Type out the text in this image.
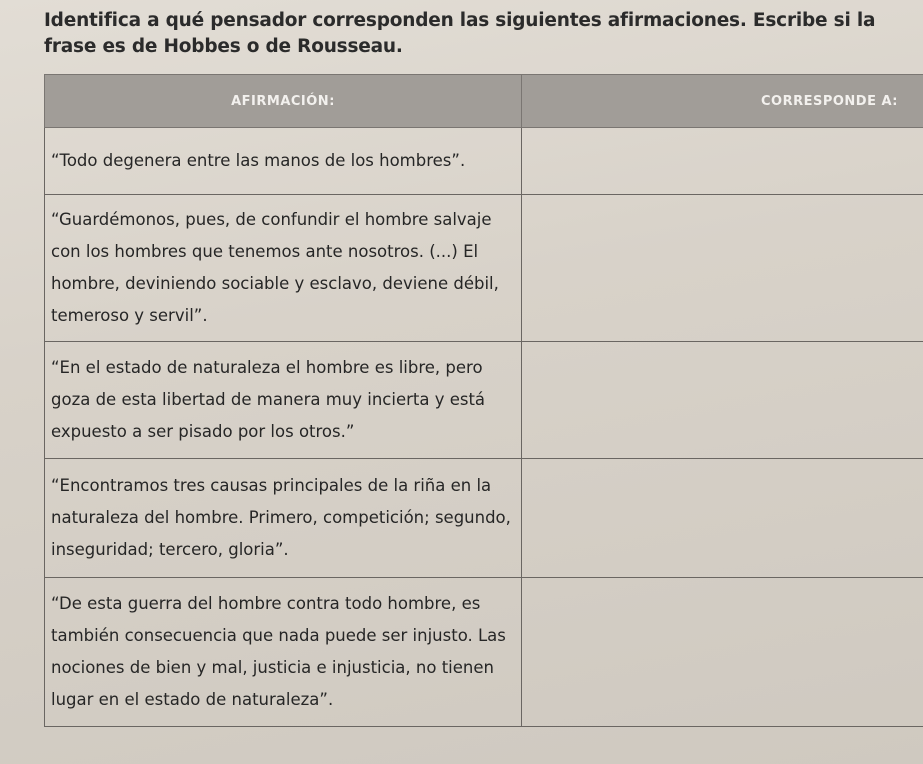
Identifica a qué pensador corresponden las siguientes afirmaciones. Escribe si la frase es de Hobbes o de Rousseau.
AFIRMACIÓN:	CORRESPONDE A:
“Todo degenera entre las manos de los hombres”.	
“Guardémonos, pues, de confundir el hombre salvaje con los hombres que tenemos ante nosotros. (...) El hombre, deviniendo sociable y esclavo, deviene débil, temeroso y servil”.	
“En el estado de naturaleza el hombre es libre, pero goza de esta libertad de manera muy incierta y está expuesto a ser pisado por los otros.”	
“Encontramos tres causas principales de la riña en la naturaleza del hombre. Primero, competición; segundo, inseguridad; tercero, gloria”.	
“De esta guerra del hombre contra todo hombre, es también consecuencia que nada puede ser injusto. Las nociones de bien y mal, justicia e injusticia, no tienen lugar en el estado de naturaleza”.	
